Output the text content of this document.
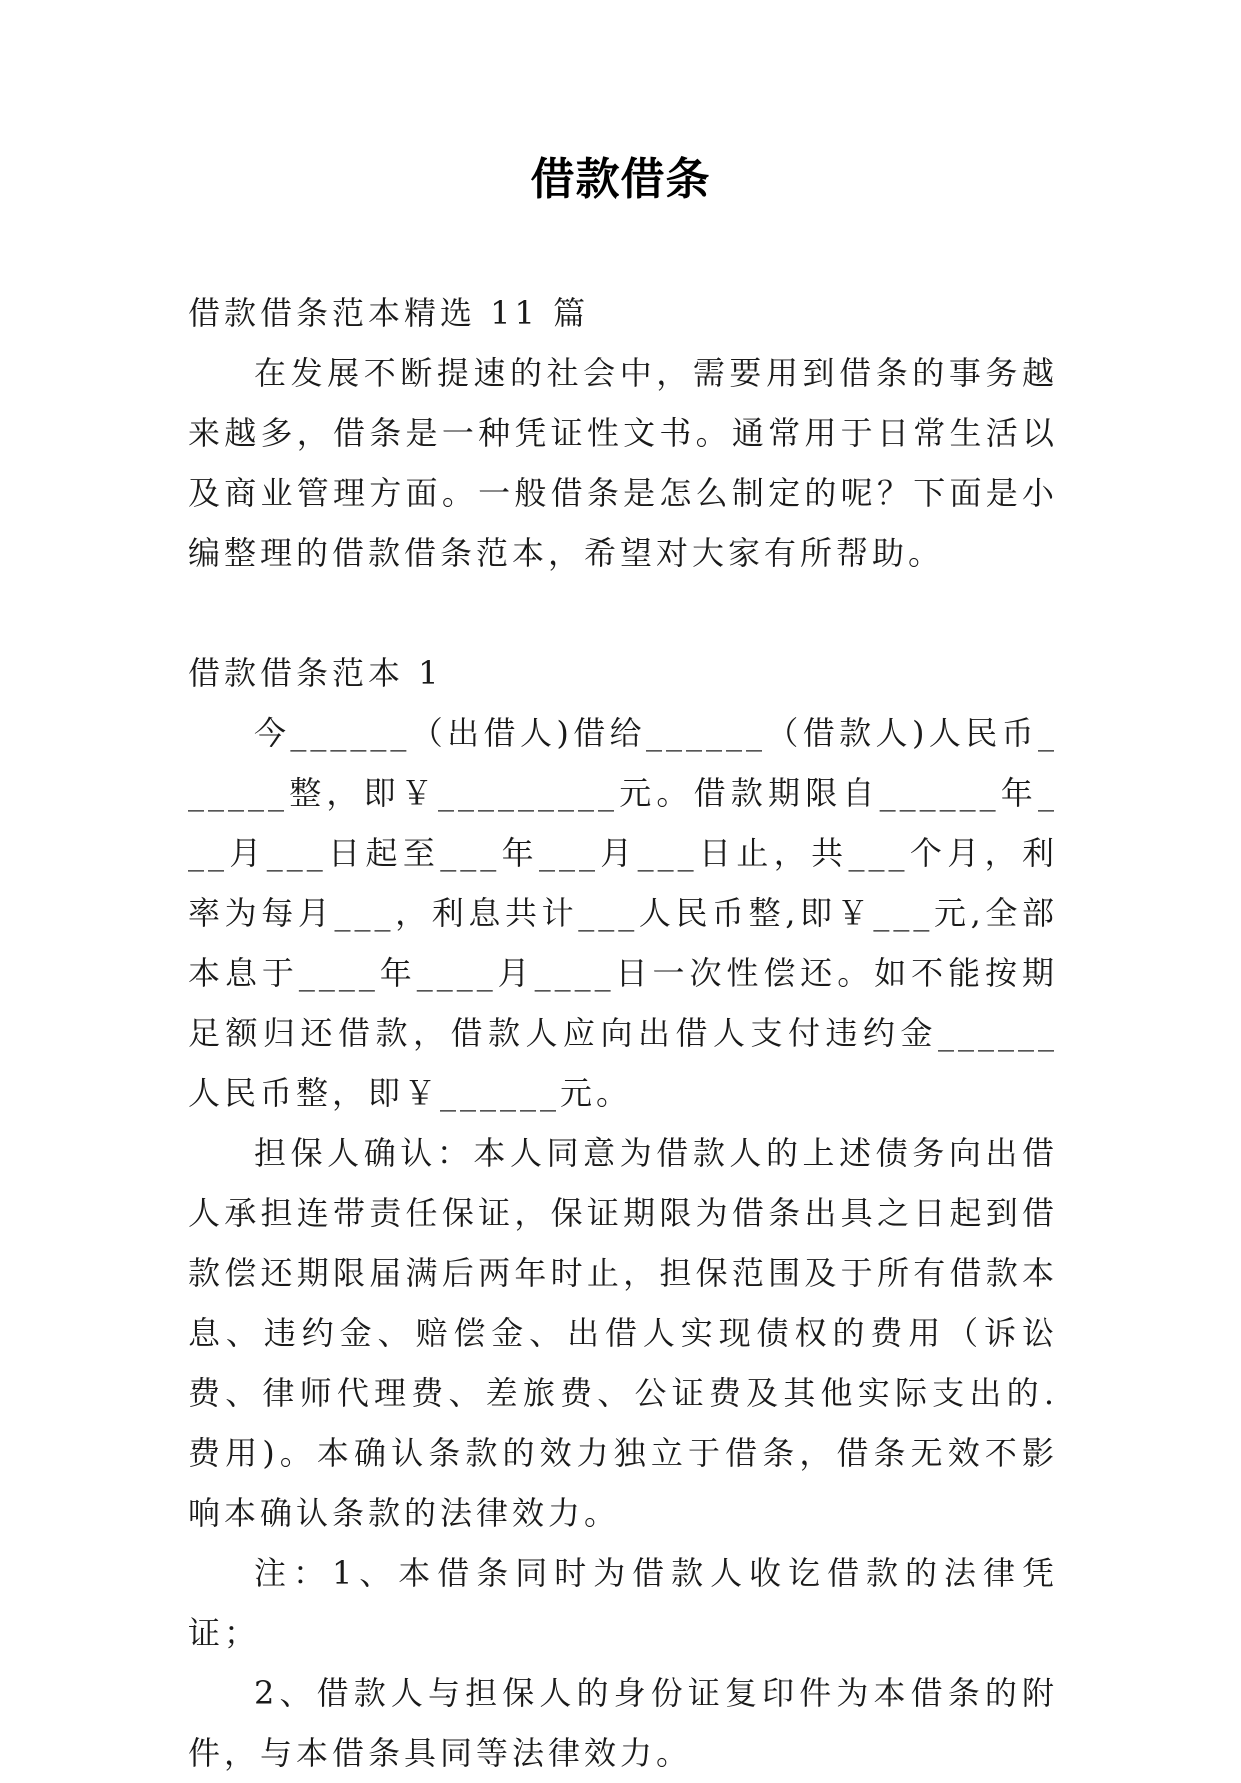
借款借条

借款借条范本精选 11 篇

在发展不断提速的社会中，需要用到借条的事务越来越多，借条是一种凭证性文书。通常用于日常生活以及商业管理方面。一般借条是怎么制定的呢？下面是小编整理的借款借条范本，希望对大家有所帮助。

借款借条范本 1

今______（出借人)借给______（借款人)人民币______整，即￥_________元。借款期限自______年___月___日起至___年___月___日止，共___个月，利率为每月___，利息共计___人民币整,即￥___元,全部本息于____年____月____日一次性偿还。如不能按期足额归还借款，借款人应向出借人支付违约金______人民币整，即￥______元。

担保人确认：本人同意为借款人的上述债务向出借人承担连带责任保证，保证期限为借条出具之日起到借款偿还期限届满后两年时止，担保范围及于所有借款本息、违约金、赔偿金、出借人实现债权的费用（诉讼费、律师代理费、差旅费、公证费及其他实际支出的.费用)。本确认条款的效力独立于借条，借条无效不影响本确认条款的法律效力。

注：1、本借条同时为借款人收讫借款的法律凭证；

2、借款人与担保人的身份证复印件为本借条的附件，与本借条具同等法律效力。
